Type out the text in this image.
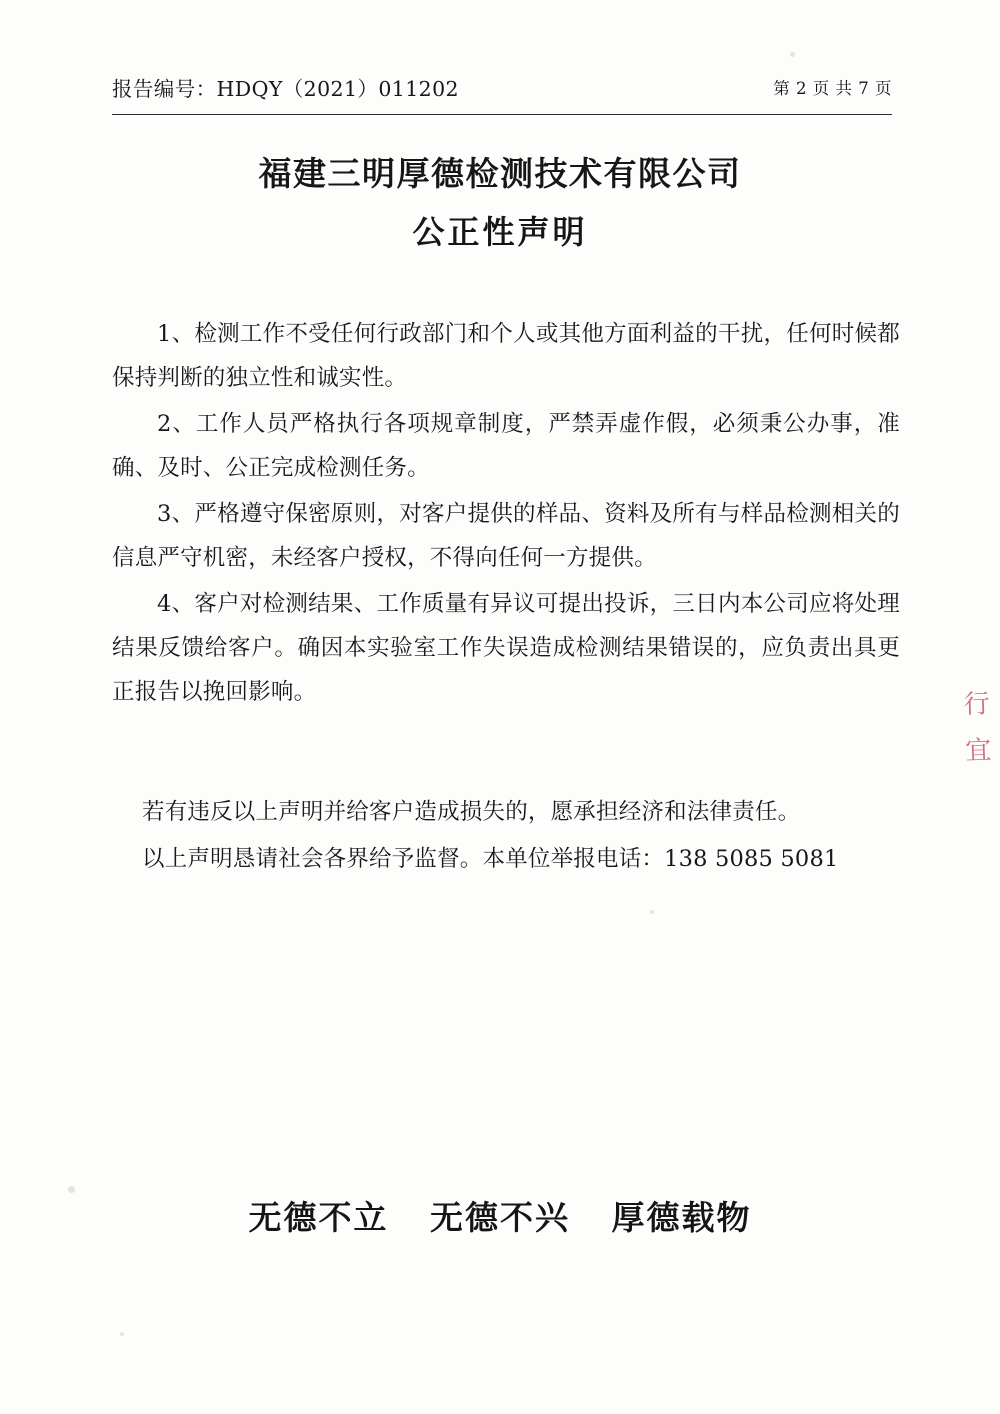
报告编号：HDQY（2021）011202	第 2 页 共 7 页
福建三明厚德检测技术有限公司
公正性声明

1、检测工作不受任何行政部门和个人或其他方面利益的干扰，任何时候都保持判断的独立性和诚实性。

2、工作人员严格执行各项规章制度，严禁弄虚作假，必须秉公办事，准确、及时、公正完成检测任务。

3、严格遵守保密原则，对客户提供的样品、资料及所有与样品检测相关的信息严守机密，未经客户授权，不得向任何一方提供。

4、客户对检测结果、工作质量有异议可提出投诉，三日内本公司应将处理结果反馈给客户。确因本实验室工作失误造成检测结果错误的，应负责出具更正报告以挽回影响。

若有违反以上声明并给客户造成损失的，愿承担经济和法律责任。

以上声明恳请社会各界给予监督。本单位举报电话：138 5085 5081

行 宜
无德不立 无德不兴 厚德载物
